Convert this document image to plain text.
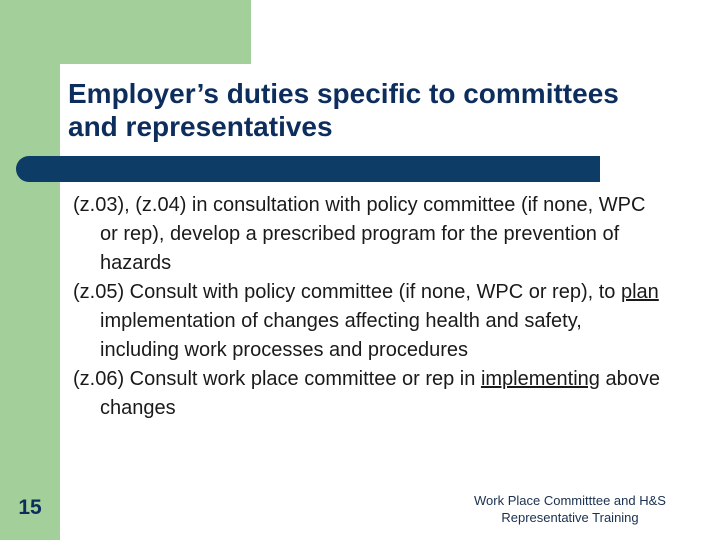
Employer’s duties specific to committees and representatives
(z.03), (z.04) in consultation with policy committee (if none, WPC or rep), develop a prescribed program for the prevention of hazards
(z.05) Consult with policy committee (if none, WPC or rep), to plan implementation of changes affecting health and safety, including work processes and procedures
(z.06) Consult work place committee or rep in implementing above changes
15	Work Place Committtee and H&S
Representative Training
